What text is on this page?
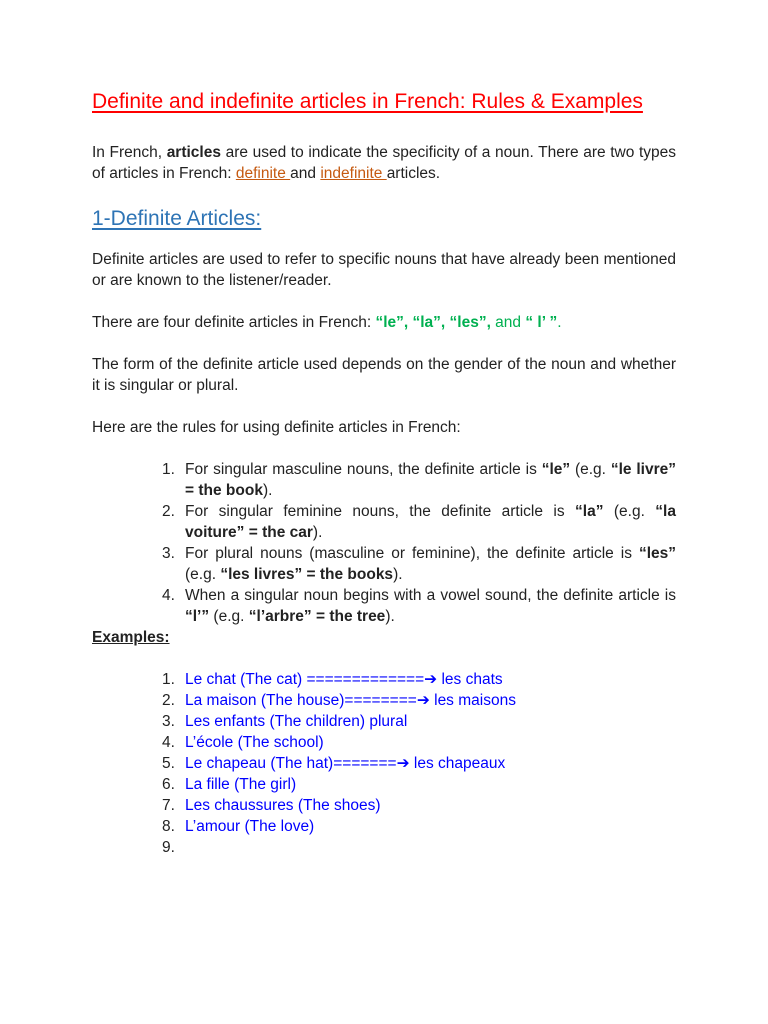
Definite and indefinite articles in French: Rules & Examples

In French, articles are used to indicate the specificity of a noun. There are two types of articles in French: definite and indefinite articles.

1-Definite Articles:

Definite articles are used to refer to specific nouns that have already been mentioned or are known to the listener/reader.

There are four definite articles in French: “le”, “la”, “les”, and “ l’ ”.

The form of the definite article used depends on the gender of the noun and whether it is singular or plural.

Here are the rules for using definite articles in French:

1. For singular masculine nouns, the definite article is “le” (e.g. “le livre” = the book).
2. For singular feminine nouns, the definite article is “la” (e.g. “la voiture” = the car).
3. For plural nouns (masculine or feminine), the definite article is “les” (e.g. “les livres” = the books).
4. When a singular noun begins with a vowel sound, the definite article is “l’” (e.g. “l’arbre” = the tree).

Examples:

1. Le chat (The cat) =============➔ les chats
2. La maison (The house)========➔ les maisons
3. Les enfants (The children) plural
4. L’école (The school)
5. Le chapeau (The hat)=======➔ les chapeaux
6. La fille (The girl)
7. Les chaussures (The shoes)
8. L’amour (The love)
9.
